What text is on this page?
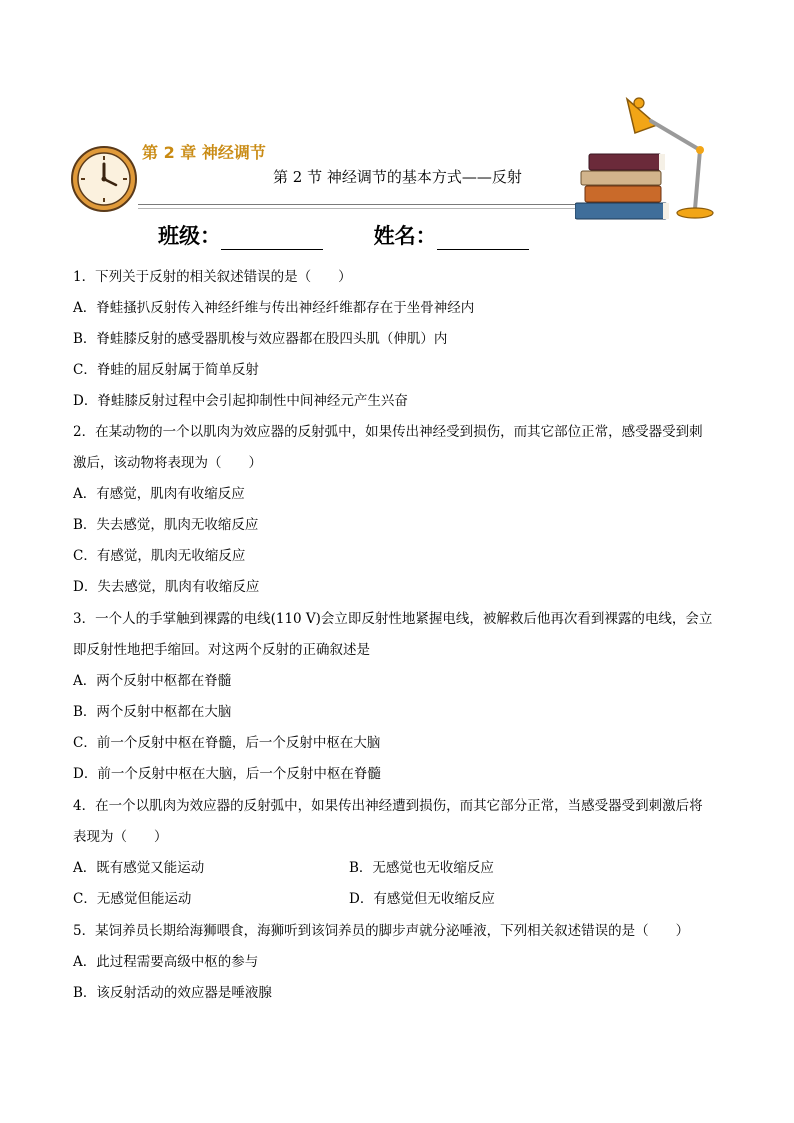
第 2 章 神经调节
第 2 节 神经调节的基本方式——反射
班级：	姓名：
1．下列关于反射的相关叙述错误的是（　　）
A．脊蛙搔扒反射传入神经纤维与传出神经纤维都存在于坐骨神经内
B．脊蛙膝反射的感受器肌梭与效应器都在股四头肌（伸肌）内
C．脊蛙的屈反射属于简单反射
D．脊蛙膝反射过程中会引起抑制性中间神经元产生兴奋
2．在某动物的一个以肌肉为效应器的反射弧中，如果传出神经受到损伤，而其它部位正常，感受器受到刺
激后，该动物将表现为（　　）
A．有感觉，肌肉有收缩反应
B．失去感觉，肌肉无收缩反应
C．有感觉，肌肉无收缩反应
D．失去感觉，肌肉有收缩反应
3．一个人的手掌触到裸露的电线(110 V)会立即反射性地紧握电线，被解救后他再次看到裸露的电线，会立
即反射性地把手缩回。对这两个反射的正确叙述是
A．两个反射中枢都在脊髓
B．两个反射中枢都在大脑
C．前一个反射中枢在脊髓，后一个反射中枢在大脑
D．前一个反射中枢在大脑，后一个反射中枢在脊髓
4．在一个以肌肉为效应器的反射弧中，如果传出神经遭到损伤，而其它部分正常，当感受器受到刺激后将
表现为（　　）
A．既有感觉又能运动	B．无感觉也无收缩反应
C．无感觉但能运动	D．有感觉但无收缩反应
5．某饲养员长期给海狮喂食，海狮听到该饲养员的脚步声就分泌唾液，下列相关叙述错误的是（　　）
A．此过程需要高级中枢的参与
B．该反射活动的效应器是唾液腺
